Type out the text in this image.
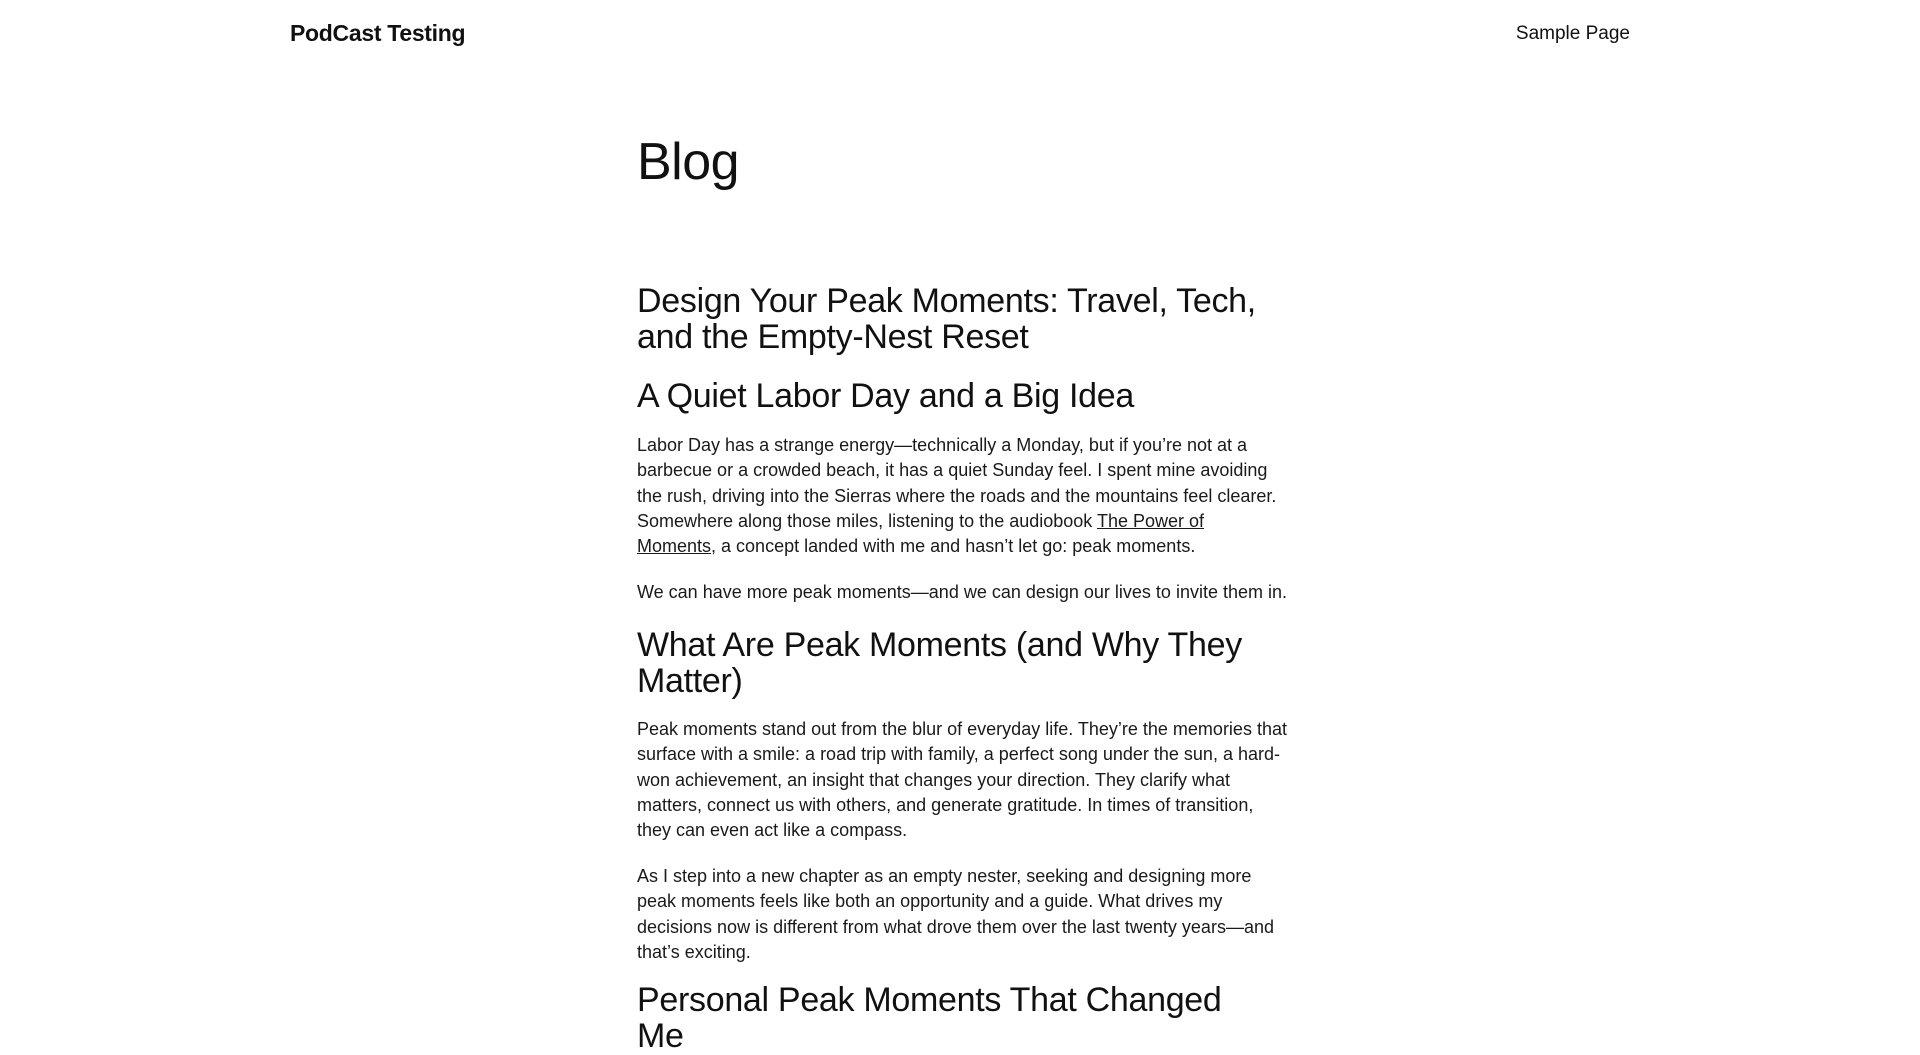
PodCast Testing	Sample Page
Blog
Design Your Peak Moments: Travel, Tech, and the Empty-Nest Reset
A Quiet Labor Day and a Big Idea

Labor Day has a strange energy—technically a Monday, but if you’re not at a barbecue or a crowded beach, it has a quiet Sunday feel. I spent mine avoiding the rush, driving into the Sierras where the roads and the mountains feel clearer. Somewhere along those miles, listening to the audiobook The Power of Moments, a concept landed with me and hasn’t let go: peak moments.

We can have more peak moments—and we can design our lives to invite them in.

What Are Peak Moments (and Why They Matter)

Peak moments stand out from the blur of everyday life. They’re the memories that surface with a smile: a road trip with family, a perfect song under the sun, a hard-won achievement, an insight that changes your direction. They clarify what matters, connect us with others, and generate gratitude. In times of transition, they can even act like a compass.

As I step into a new chapter as an empty nester, seeking and designing more peak moments feels like both an opportunity and a guide. What drives my decisions now is different from what drove them over the last twenty years—and that’s exciting.

Personal Peak Moments That Changed Me
